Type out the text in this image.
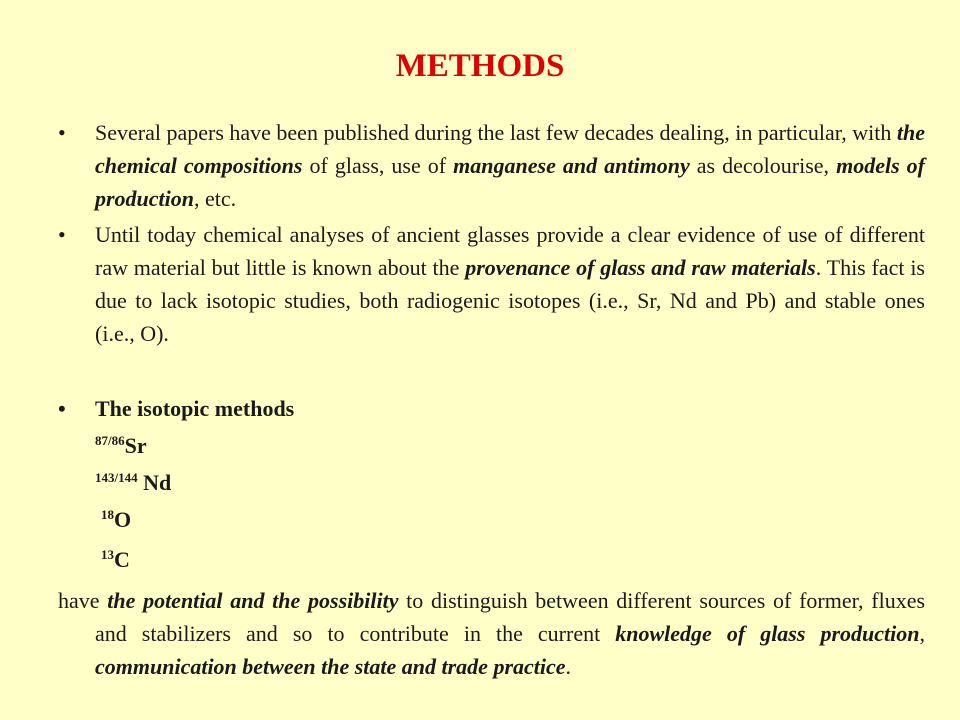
METHODS
• Several papers have been published during the last few decades dealing, in particular, with the chemical compositions of glass, use of manganese and antimony as decolourise, models of production, etc.
• Until today chemical analyses of ancient glasses provide a clear evidence of use of different raw material but little is known about the provenance of glass and raw materials. This fact is due to lack isotopic studies, both radiogenic isotopes (i.e., Sr, Nd and Pb) and stable ones (i.e., O).
• The isotopic methods
$^{87/86}$Sr
$^{143/144}$ Nd
$^{18}$O
$^{13}$C
have the potential and the possibility to distinguish between different sources of former, fluxes and stabilizers and so to contribute in the current knowledge of glass production, communication between the state and trade practice.
